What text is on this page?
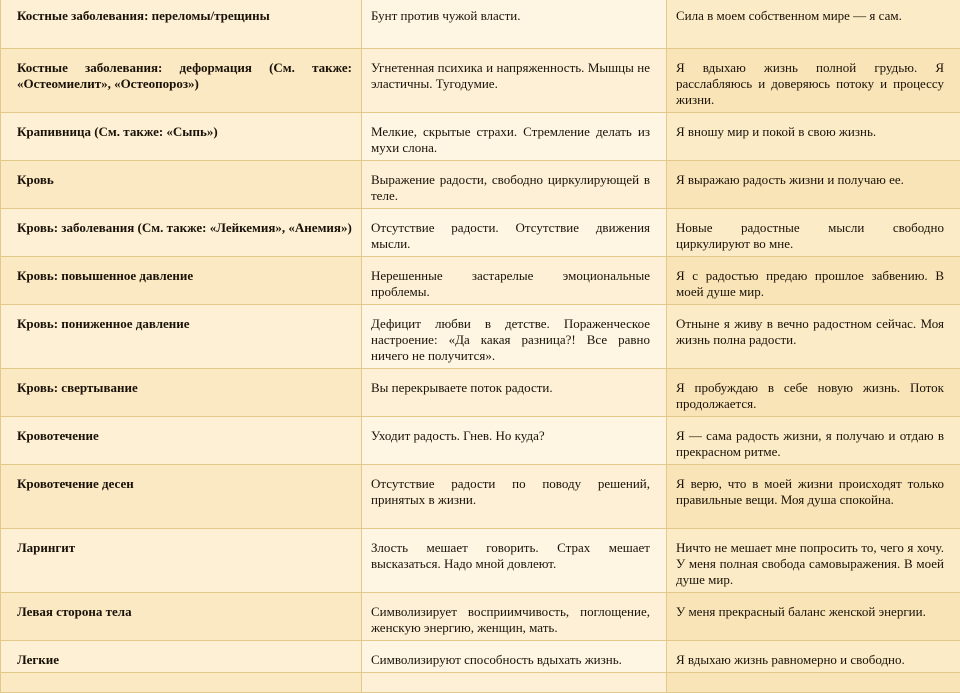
Костные заболевания: переломы/трещины	Бунт против чужой власти.	Сила в моем собственном мире — я сам.
Костные заболевания: деформация (См. также: «Остеомиелит», «Остеопороз»)	Угнетенная психика и напряженность. Мышцы не эластичны. Тугодумие.	Я вдыхаю жизнь полной грудью. Я расслабляюсь и доверяюсь потоку и процессу жизни.
Крапивница (См. также: «Сыпь»)	Мелкие, скрытые страхи. Стремление делать из мухи слона.	Я вношу мир и покой в свою жизнь.
Кровь	Выражение радости, свободно циркулирующей в теле.	Я выражаю радость жизни и получаю ее.
Кровь: заболевания (См. также: «Лейкемия», «Анемия»)	Отсутствие радости. Отсутствие движения мысли.	Новые радостные мысли свободно циркулируют во мне.
Кровь: повышенное давление	Нерешенные застарелые эмоциональные проблемы.	Я с радостью предаю прошлое забвению. В моей душе мир.
Кровь: пониженное давление	Дефицит любви в детстве. Пораженческое настроение: «Да какая разница?! Все равно ничего не получится».	Отныне я живу в вечно радостном сейчас. Моя жизнь полна радости.
Кровь: свертывание	Вы перекрываете поток радости.	Я пробуждаю в себе новую жизнь. Поток продолжается.
Кровотечение	Уходит радость. Гнев. Но куда?	Я — сама радость жизни, я получаю и отдаю в прекрасном ритме.
Кровотечение десен	Отсутствие радости по поводу решений, принятых в жизни.	Я верю, что в моей жизни происходят только правильные вещи. Моя душа спокойна.
Ларингит	Злость мешает говорить. Страх мешает высказаться. Надо мной довлеют.	Ничто не мешает мне попросить то, чего я хочу. У меня полная свобода самовыражения. В моей душе мир.
Левая сторона тела	Символизирует восприимчивость, поглощение, женскую энергию, женщин, мать.	У меня прекрасный баланс женской энергии.
Легкие	Символизируют способность вдыхать жизнь.	Я вдыхаю жизнь равномерно и свободно.
